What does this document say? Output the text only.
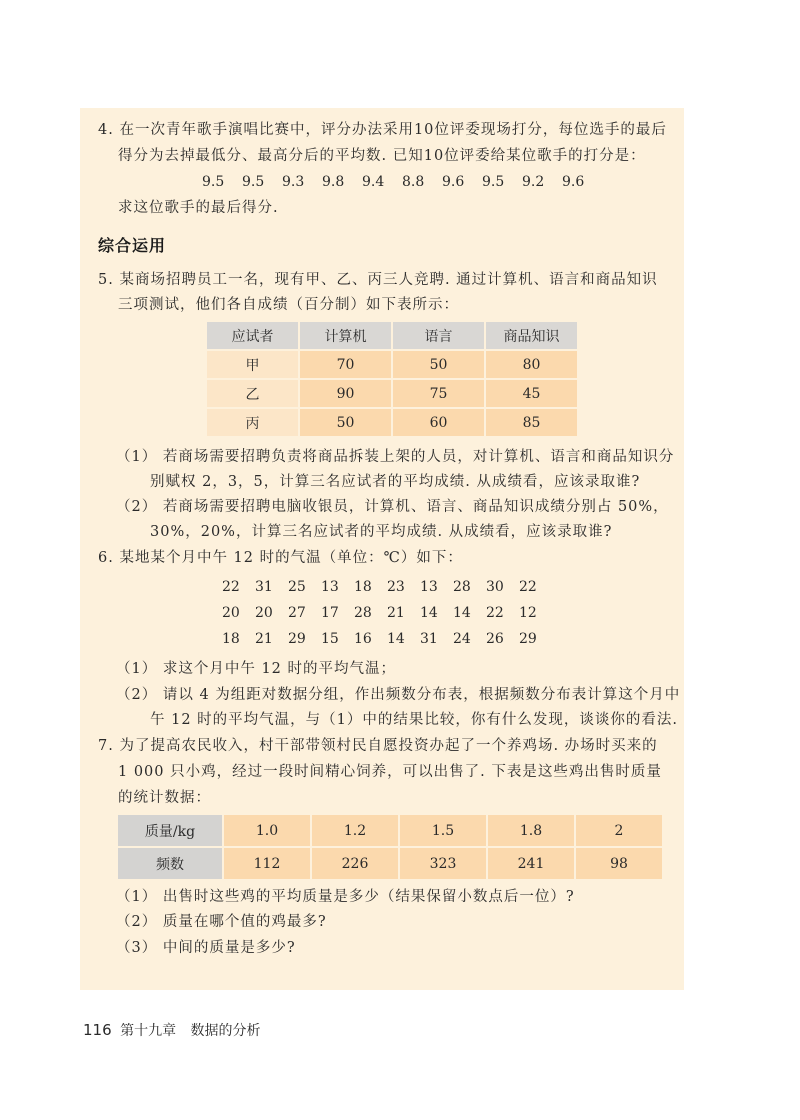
4. 在一次青年歌手演唱比赛中，评分办法采用10位评委现场打分，每位选手的最后
得分为去掉最低分、最高分后的平均数. 已知10位评委给某位歌手的打分是：
9.5 9.5 9.3 9.8 9.4 8.8 9.6 9.5 9.2 9.6
求这位歌手的最后得分.
综合运用
5. 某商场招聘员工一名，现有甲、乙、丙三人竞聘. 通过计算机、语言和商品知识
三项测试，他们各自成绩（百分制）如下表所示：
应试者	计算机	语言	商品知识
甲	70	50	80
乙	90	75	45
丙	50	60	85
（1） 若商场需要招聘负责将商品拆装上架的人员，对计算机、语言和商品知识分
别赋权 2，3，5，计算三名应试者的平均成绩. 从成绩看，应该录取谁?
（2） 若商场需要招聘电脑收银员，计算机、语言、商品知识成绩分别占 50%，
30%，20%，计算三名应试者的平均成绩. 从成绩看，应该录取谁?
6. 某地某个月中午 12 时的气温（单位：℃）如下：
22 31 25 13 18 23 13 28 30 22
20 20 27 17 28 21 14 14 22 12
18 21 29 15 16 14 31 24 26 29
（1） 求这个月中午 12 时的平均气温；
（2） 请以 4 为组距对数据分组，作出频数分布表，根据频数分布表计算这个月中
午 12 时的平均气温，与（1）中的结果比较，你有什么发现，谈谈你的看法.
7. 为了提高农民收入，村干部带领村民自愿投资办起了一个养鸡场. 办场时买来的
1 000 只小鸡，经过一段时间精心饲养，可以出售了. 下表是这些鸡出售时质量
的统计数据：
质量/kg	1.0	1.2	1.5	1.8	2
频数	112	226	323	241	98
（1） 出售时这些鸡的平均质量是多少（结果保留小数点后一位）?
（2） 质量在哪个值的鸡最多?
（3） 中间的质量是多少?
116 第十九章 数据的分析
